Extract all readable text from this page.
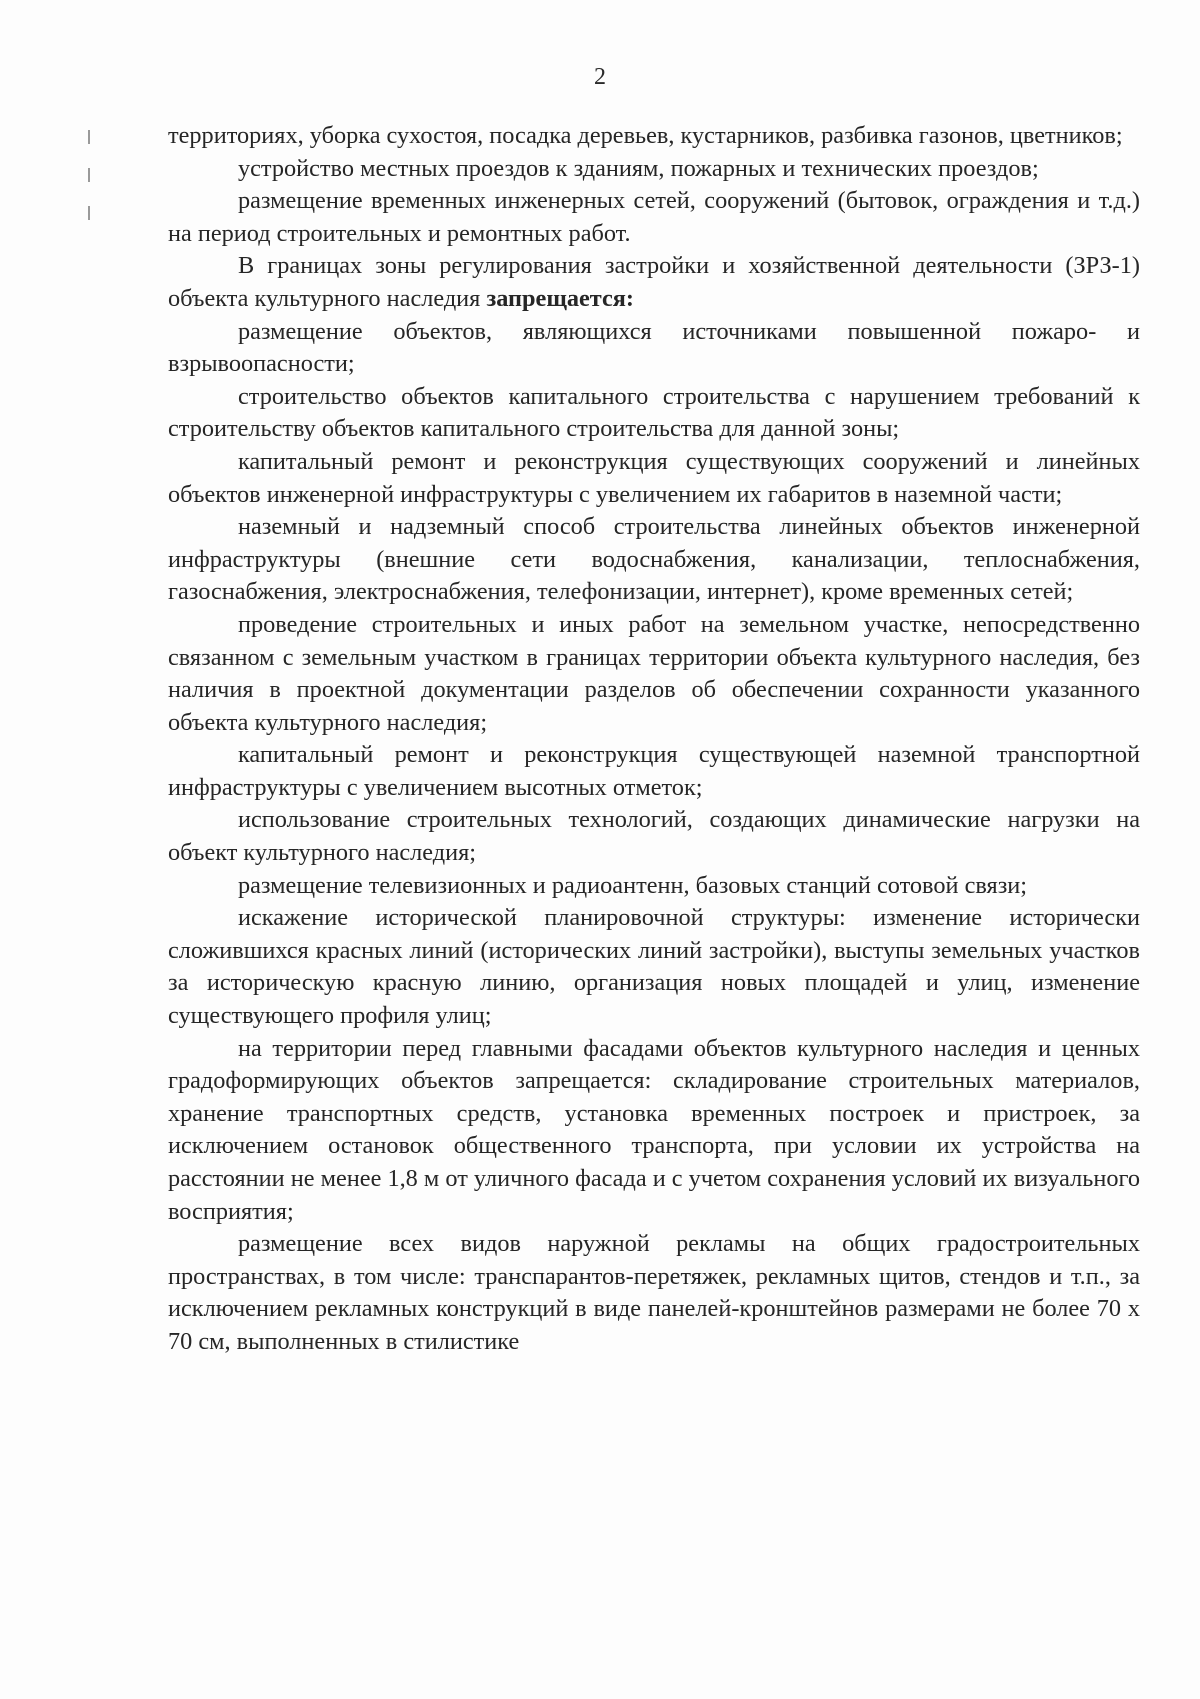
2

территориях, уборка сухостоя, посадка деревьев, кустарников, разбивка газонов, цветников;

устройство местных проездов к зданиям, пожарных и технических проездов;

размещение временных инженерных сетей, сооружений (бытовок, ограждения и т.д.) на период строительных и ремонтных работ.

В границах зоны регулирования застройки и хозяйственной деятельности (ЗРЗ-1) объекта культурного наследия запрещается:

размещение объектов, являющихся источниками повышенной пожаро- и взрывоопасности;

строительство объектов капитального строительства с нарушением требований к строительству объектов капитального строительства для данной зоны;

капитальный ремонт и реконструкция существующих сооружений и линейных объектов инженерной инфраструктуры с увеличением их габаритов в наземной части;

наземный и надземный способ строительства линейных объектов инженерной инфраструктуры (внешние сети водоснабжения, канализации, теплоснабжения, газоснабжения, электроснабжения, телефонизации, интернет), кроме временных сетей;

проведение строительных и иных работ на земельном участке, непосредственно связанном с земельным участком в границах территории объекта культурного наследия, без наличия в проектной документации разделов об обеспечении сохранности указанного объекта культурного наследия;

капитальный ремонт и реконструкция существующей наземной транспортной инфраструктуры с увеличением высотных отметок;

использование строительных технологий, создающих динамические нагрузки на объект культурного наследия;

размещение телевизионных и радиоантенн, базовых станций сотовой связи;

искажение исторической планировочной структуры: изменение исторически сложившихся красных линий (исторических линий застройки), выступы земельных участков за историческую красную линию, организация новых площадей и улиц, изменение существующего профиля улиц;

на территории перед главными фасадами объектов культурного наследия и ценных градоформирующих объектов запрещается: складирование строительных материалов, хранение транспортных средств, установка временных построек и пристроек, за исключением остановок общественного транспорта, при условии их устройства на расстоянии не менее 1,8 м от уличного фасада и с учетом сохранения условий их визуального восприятия;

размещение всех видов наружной рекламы на общих градостроительных пространствах, в том числе: транспарантов-перетяжек, рекламных щитов, стендов и т.п., за исключением рекламных конструкций в виде панелей-кронштейнов размерами не более 70 х 70 см, выполненных в стилистике
